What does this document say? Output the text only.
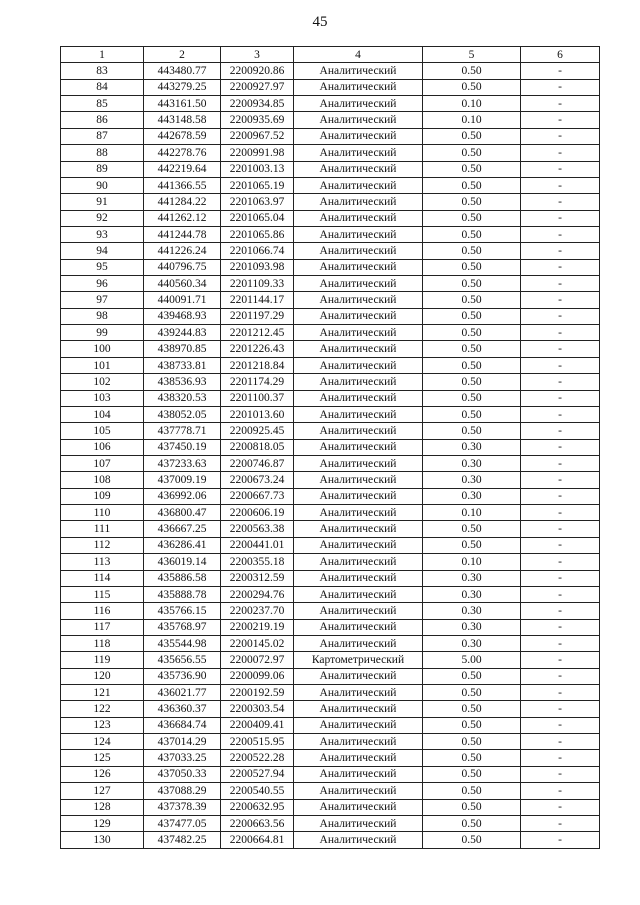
45
1	2	3	4	5	6
83	443480.77	2200920.86	Аналитический	0.50	-
84	443279.25	2200927.97	Аналитический	0.50	-
85	443161.50	2200934.85	Аналитический	0.10	-
86	443148.58	2200935.69	Аналитический	0.10	-
87	442678.59	2200967.52	Аналитический	0.50	-
88	442278.76	2200991.98	Аналитический	0.50	-
89	442219.64	2201003.13	Аналитический	0.50	-
90	441366.55	2201065.19	Аналитический	0.50	-
91	441284.22	2201063.97	Аналитический	0.50	-
92	441262.12	2201065.04	Аналитический	0.50	-
93	441244.78	2201065.86	Аналитический	0.50	-
94	441226.24	2201066.74	Аналитический	0.50	-
95	440796.75	2201093.98	Аналитический	0.50	-
96	440560.34	2201109.33	Аналитический	0.50	-
97	440091.71	2201144.17	Аналитический	0.50	-
98	439468.93	2201197.29	Аналитический	0.50	-
99	439244.83	2201212.45	Аналитический	0.50	-
100	438970.85	2201226.43	Аналитический	0.50	-
101	438733.81	2201218.84	Аналитический	0.50	-
102	438536.93	2201174.29	Аналитический	0.50	-
103	438320.53	2201100.37	Аналитический	0.50	-
104	438052.05	2201013.60	Аналитический	0.50	-
105	437778.71	2200925.45	Аналитический	0.50	-
106	437450.19	2200818.05	Аналитический	0.30	-
107	437233.63	2200746.87	Аналитический	0.30	-
108	437009.19	2200673.24	Аналитический	0.30	-
109	436992.06	2200667.73	Аналитический	0.30	-
110	436800.47	2200606.19	Аналитический	0.10	-
111	436667.25	2200563.38	Аналитический	0.50	-
112	436286.41	2200441.01	Аналитический	0.50	-
113	436019.14	2200355.18	Аналитический	0.10	-
114	435886.58	2200312.59	Аналитический	0.30	-
115	435888.78	2200294.76	Аналитический	0.30	-
116	435766.15	2200237.70	Аналитический	0.30	-
117	435768.97	2200219.19	Аналитический	0.30	-
118	435544.98	2200145.02	Аналитический	0.30	-
119	435656.55	2200072.97	Картометрический	5.00	-
120	435736.90	2200099.06	Аналитический	0.50	-
121	436021.77	2200192.59	Аналитический	0.50	-
122	436360.37	2200303.54	Аналитический	0.50	-
123	436684.74	2200409.41	Аналитический	0.50	-
124	437014.29	2200515.95	Аналитический	0.50	-
125	437033.25	2200522.28	Аналитический	0.50	-
126	437050.33	2200527.94	Аналитический	0.50	-
127	437088.29	2200540.55	Аналитический	0.50	-
128	437378.39	2200632.95	Аналитический	0.50	-
129	437477.05	2200663.56	Аналитический	0.50	-
130	437482.25	2200664.81	Аналитический	0.50	-
